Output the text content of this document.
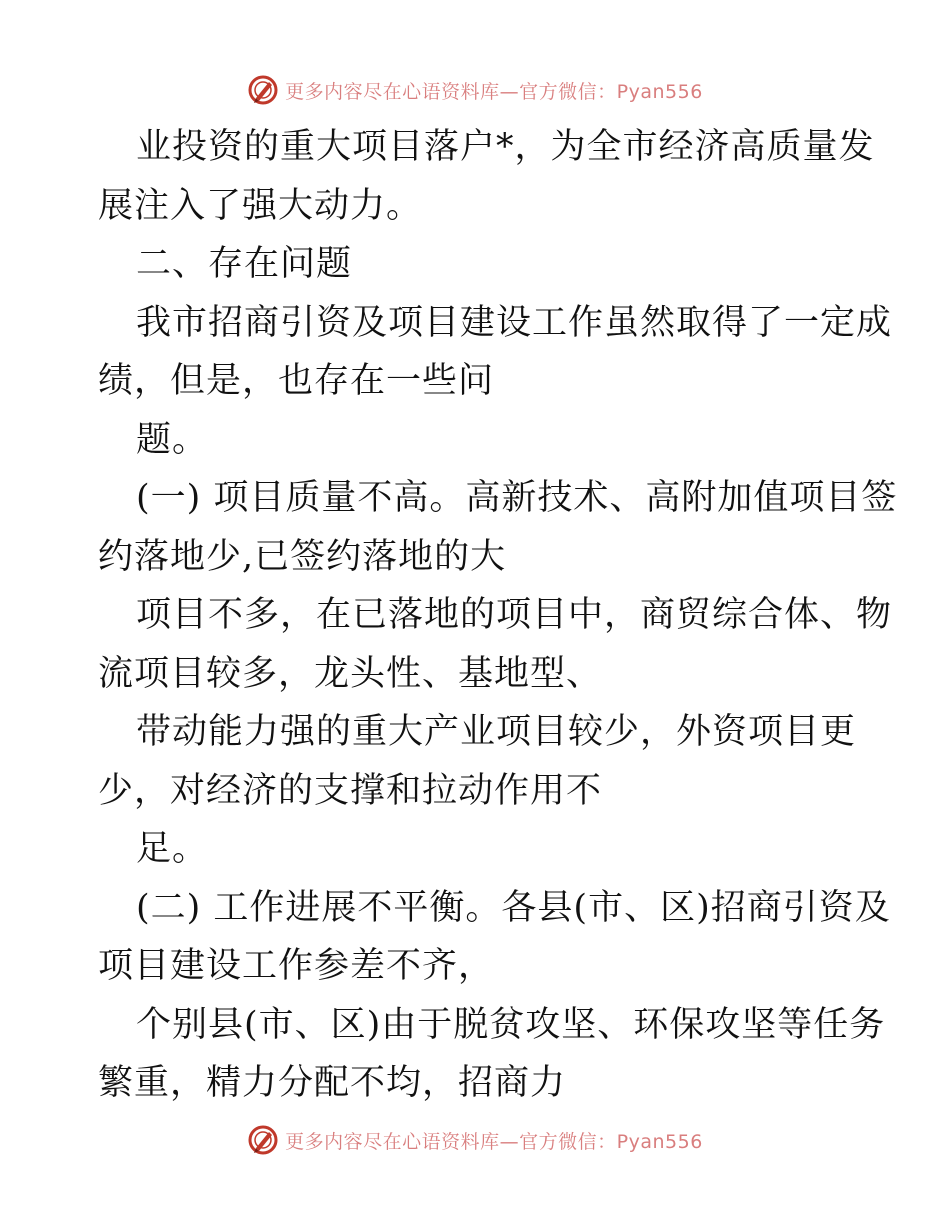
更多内容尽在心语资料库—官方微信：Pyan556
业投资的重大项目落户*，为全市经济高质量发
展注入了强大动力。
二、存在问题
我市招商引资及项目建设工作虽然取得了一定成
绩，但是，也存在一些问
题。
(一) 项目质量不高。高新技术、高附加值项目签
约落地少,已签约落地的大
项目不多，在已落地的项目中，商贸综合体、物
流项目较多，龙头性、基地型、
带动能力强的重大产业项目较少，外资项目更
少，对经济的支撑和拉动作用不
足。
(二) 工作进展不平衡。各县(市、区)招商引资及
项目建设工作参差不齐，
个别县(市、区)由于脱贫攻坚、环保攻坚等任务
繁重，精力分配不均，招商力
更多内容尽在心语资料库—官方微信：Pyan556
